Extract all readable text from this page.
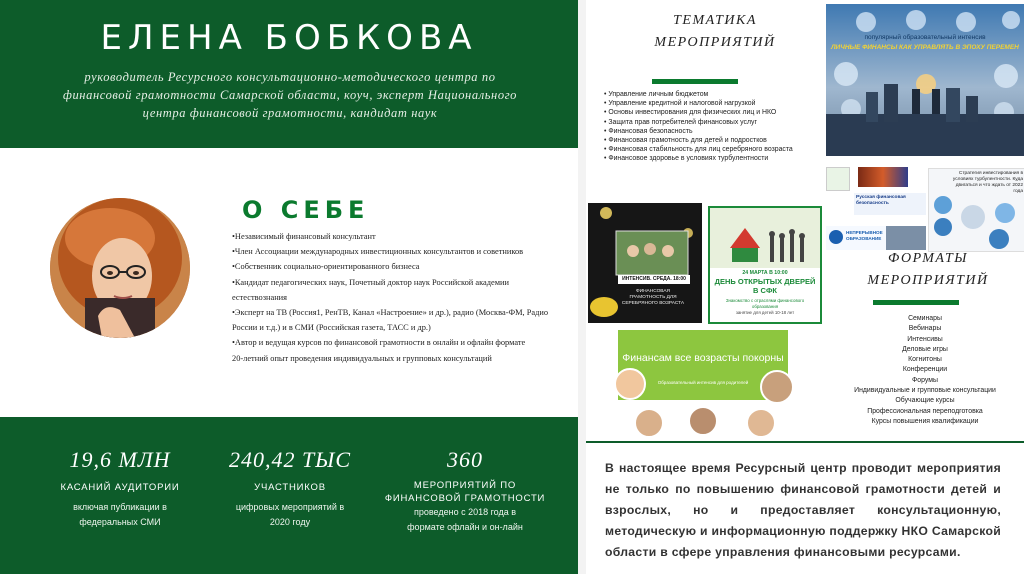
ЕЛЕНА БОБКОВА
руководитель Ресурсного консультационно-методического центра по финансовой грамотности Самарской области, коуч, эксперт Национального центра финансовой грамотности, кандидат наук
О СЕБЕ
•Независимый финансовый консультант
•Член Ассоциации международных инвестиционных консультантов и советников
•Собственник социально-ориентированного бизнеса
•Кандидат педагогических наук, Почетный доктор наук Российской академии естествознания
•Эксперт на ТВ (Россия1, РенТВ, Канал «Настроение» и др.), радио (Москва-ФМ, Радио России и т.д.) и в СМИ (Российская газета, ТАСС и др.)
•Автор и ведущая курсов по финансовой грамотности в онлайн и офлайн формате
20-летний опыт проведения индивидуальных и групповых консультаций
19,6 МЛН
КАСАНИЙ АУДИТОРИИ
включая публикации в федеральных СМИ
240,42 ТЫС
УЧАСТНИКОВ
цифровых мероприятий в 2020 году
360
МЕРОПРИЯТИЙ ПО ФИНАНСОВОЙ ГРАМОТНОСТИ
проведено с 2018 года в формате офлайн и он-лайн
ТЕМАТИКА
МЕРОПРИЯТИЙ
• Управление личным бюджетом
• Управление кредитной и налоговой нагрузкой
• Основы инвестирования для физических лиц и НКО
• Защита прав потребителей финансовых услуг
• Финансовая безопасность
• Финансовая грамотность для детей и подростков
• Финансовая стабильность для лиц серебряного возраста
• Финансовое здоровье в условиях турбулентности
популярный образовательный интенсив
ЛИЧНЫЕ ФИНАНСЫ КАК УПРАВЛЯТЬ В ЭПОХУ ПЕРЕМЕН
Русская финансовая безопасность
Стратегия инвестирования в условиях турбулентности. Куда двигаться и что ждать от 2022 года
НЕПРЕРЫВНОЕ ОБРАЗОВАНИЕ
ИНТЕНСИВ. СРЕДА. 18:00
ФИНАНСОВАЯ ГРАМОТНОСТЬ ДЛЯ СЕРЕБРЯНОГО ВОЗРАСТА
24 МАРТА В 10:00
ДЕНЬ ОТКРЫТЫХ ДВЕРЕЙ В СФК
Знакомство с отраслями финансового образования
занятие для детей 10-18 лет
ФОРМАТЫ
МЕРОПРИЯТИЙ
Семинары
Вебинары
Интенсивы
Деловые игры
Когнитоны
Конференции
Форумы
Индивидуальные и групповые консультации
Обучающие курсы
Профессиональная переподготовка
Курсы повышения квалификации
Финансам все возрасты покорны
Образовательный интенсив для родителей

В настоящее время Ресурсный центр проводит мероприятия не только по повышению финансовой грамотности детей и взрослых, но и предоставляет консультационную, методическую и информационную поддержку НКО Самарской области в сфере управления финансовыми ресурсами.
